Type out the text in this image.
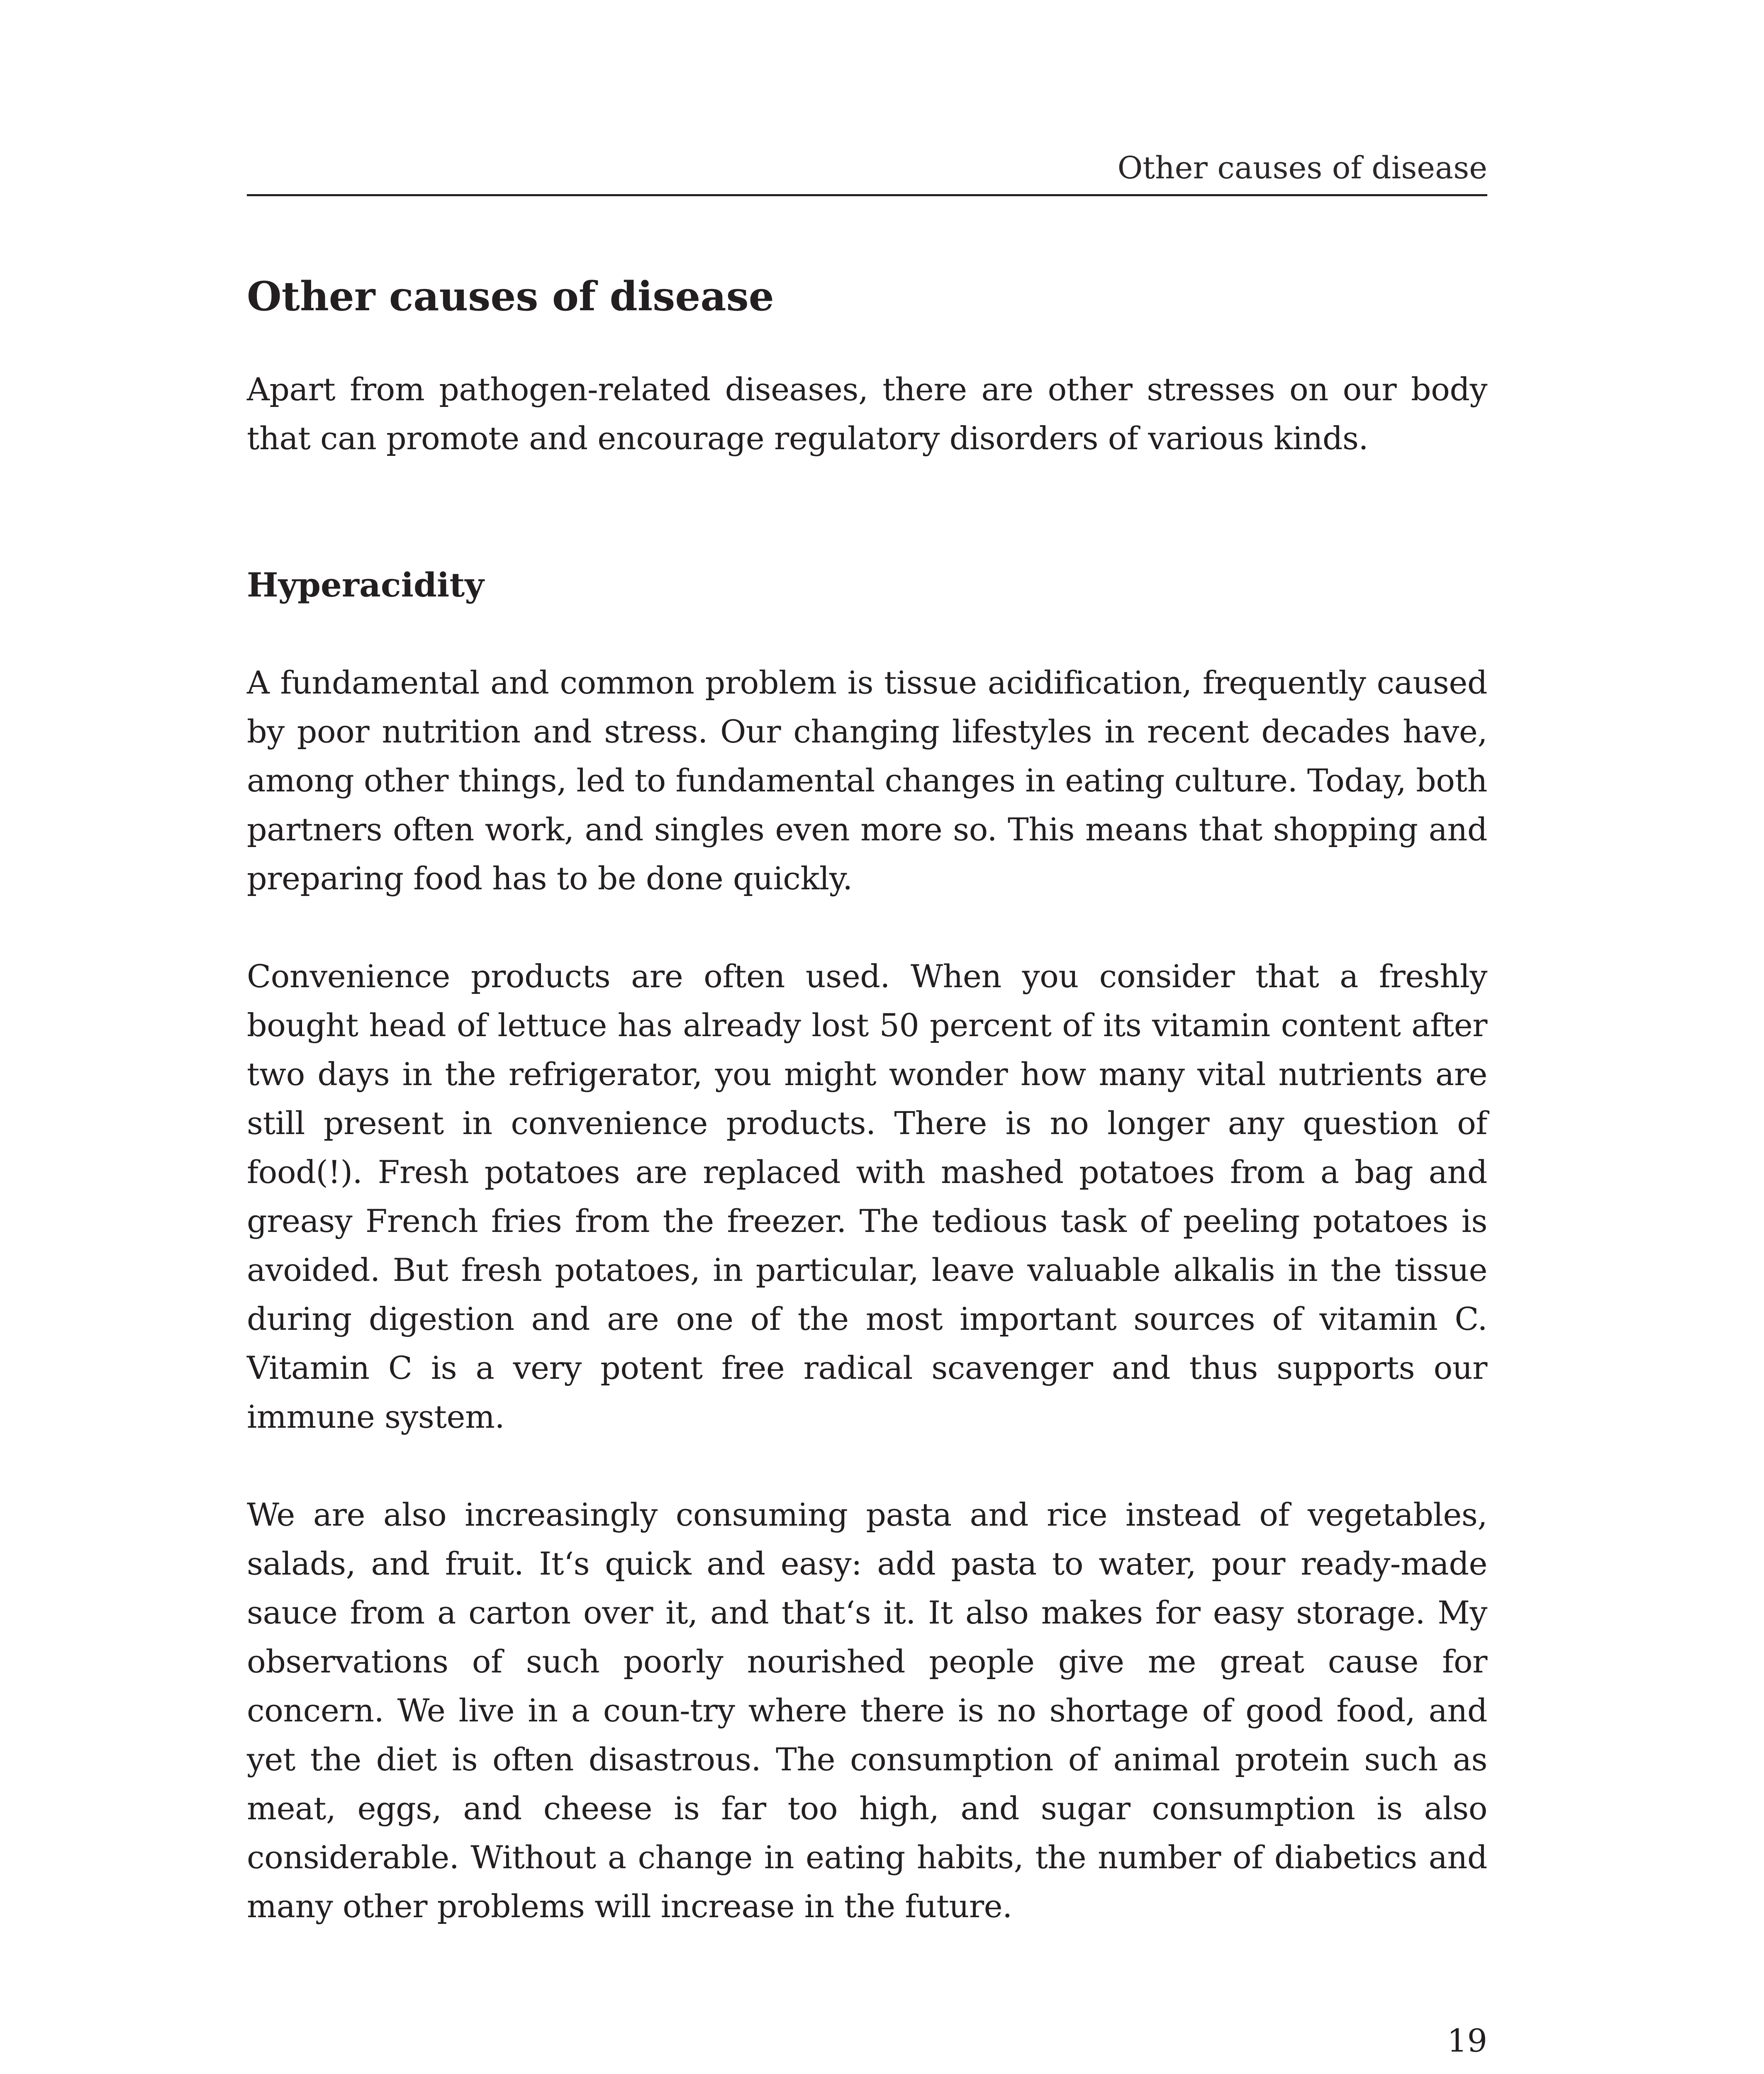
Other causes of disease
Other causes of disease

Apart from pathogen-related diseases, there are other stresses on our body that can promote and encourage regulatory disorders of various kinds.

Hyperacidity

A fundamental and common problem is tissue acidification, frequently caused by poor nutrition and stress. Our changing lifestyles in recent decades have, among other things, led to fundamental changes in eating culture. Today, both partners often work, and singles even more so. This means that shopping and preparing food has to be done quickly.

Convenience products are often used. When you consider that a freshly bought head of lettuce has already lost 50 percent of its vitamin content after two days in the refrigerator, you might wonder how many vital nutrients are still present in convenience products. There is no longer any question of food(!). Fresh potatoes are replaced with mashed potatoes from a bag and greasy French fries from the freezer. The tedious task of peeling potatoes is avoided. But fresh potatoes, in particular, leave valuable alkalis in the tissue during digestion and are one of the most important sources of vitamin C. Vitamin C is a very potent free radical scavenger and thus supports our immune system.

We are also increasingly consuming pasta and rice instead of vegetables, salads, and fruit. It‘s quick and easy: add pasta to water, pour ready-made sauce from a carton over it, and that‘s it. It also makes for easy storage. My observations of such poorly nourished people give me great cause for concern. We live in a coun-try where there is no shortage of good food, and yet the diet is often disastrous. The consumption of animal protein such as meat, eggs, and cheese is far too high, and sugar consumption is also considerable. Without a change in eating habits, the number of diabetics and many other problems will increase in the future.

19
